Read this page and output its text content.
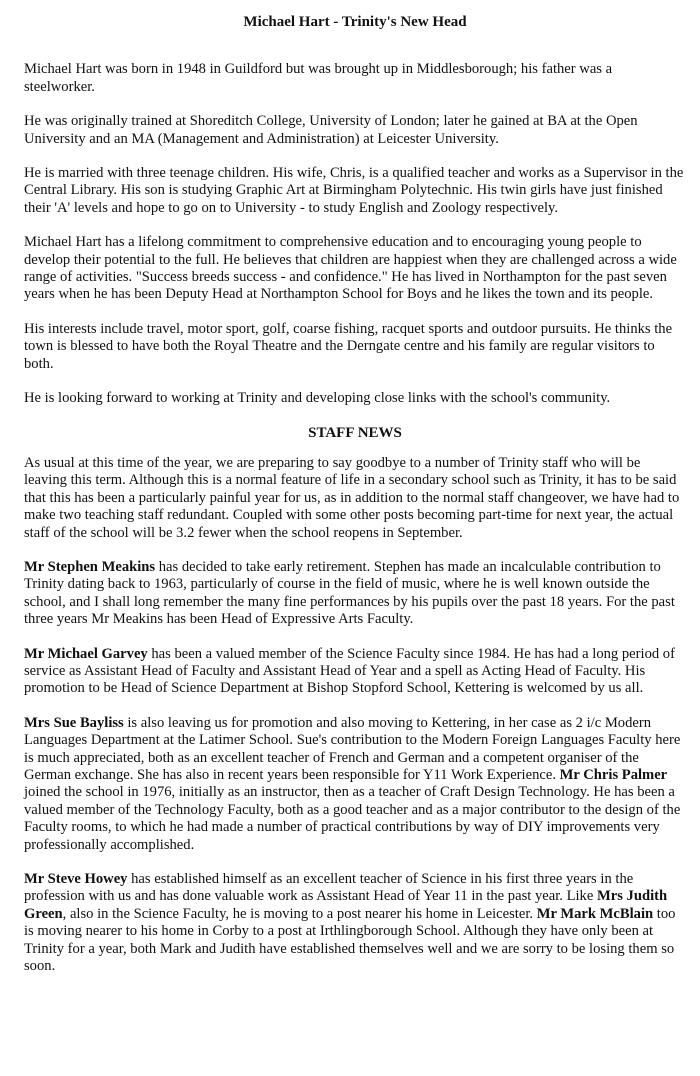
Michael Hart - Trinity's New Head

Michael Hart was born in 1948 in Guildford but was brought up in Middlesborough; his father was a steelworker.

He was originally trained at Shoreditch College, University of London; later he gained at BA at the Open University and an MA (Management and Administration) at Leicester University.

He is married with three teenage children. His wife, Chris, is a qualified teacher and works as a Supervisor in the Central Library. His son is studying Graphic Art at Birmingham Polytechnic. His twin girls have just finished their 'A' levels and hope to go on to University - to study English and Zoology respectively.

Michael Hart has a lifelong commitment to comprehensive education and to encouraging young people to develop their potential to the full. He believes that children are happiest when they are challenged across a wide range of activities. "Success breeds success - and confidence." He has lived in Northampton for the past seven years when he has been Deputy Head at Northampton School for Boys and he likes the town and its people.

His interests include travel, motor sport, golf, coarse fishing, racquet sports and outdoor pursuits. He thinks the town is blessed to have both the Royal Theatre and the Derngate centre and his family are regular visitors to both.

He is looking forward to working at Trinity and developing close links with the school's community.

STAFF NEWS

As usual at this time of the year, we are preparing to say goodbye to a number of Trinity staff who will be leaving this term. Although this is a normal feature of life in a secondary school such as Trinity, it has to be said that this has been a particularly painful year for us, as in addition to the normal staff changeover, we have had to make two teaching staff redundant. Coupled with some other posts becoming part-time for next year, the actual staff of the school will be 3.2 fewer when the school reopens in September.

Mr Stephen Meakins has decided to take early retirement. Stephen has made an incalculable contribution to Trinity dating back to 1963, particularly of course in the field of music, where he is well known outside the school, and I shall long remember the many fine performances by his pupils over the past 18 years. For the past three years Mr Meakins has been Head of Expressive Arts Faculty.

Mr Michael Garvey has been a valued member of the Science Faculty since 1984. He has had a long period of service as Assistant Head of Faculty and Assistant Head of Year and a spell as Acting Head of Faculty. His promotion to be Head of Science Department at Bishop Stopford School, Kettering is welcomed by us all.

Mrs Sue Bayliss is also leaving us for promotion and also moving to Kettering, in her case as 2 i/c Modern Languages Department at the Latimer School. Sue's contribution to the Modern Foreign Languages Faculty here is much appreciated, both as an excellent teacher of French and German and a competent organiser of the German exchange. She has also in recent years been responsible for Y11 Work Experience. Mr Chris Palmer joined the school in 1976, initially as an instructor, then as a teacher of Craft Design Technology. He has been a valued member of the Technology Faculty, both as a good teacher and as a major contributor to the design of the Faculty rooms, to which he had made a number of practical contributions by way of DIY improvements very professionally accomplished.

Mr Steve Howey has established himself as an excellent teacher of Science in his first three years in the profession with us and has done valuable work as Assistant Head of Year 11 in the past year. Like Mrs Judith Green, also in the Science Faculty, he is moving to a post nearer his home in Leicester. Mr Mark McBlain too is moving nearer to his home in Corby to a post at Irthlingborough School. Although they have only been at Trinity for a year, both Mark and Judith have established themselves well and we are sorry to be losing them so soon.
